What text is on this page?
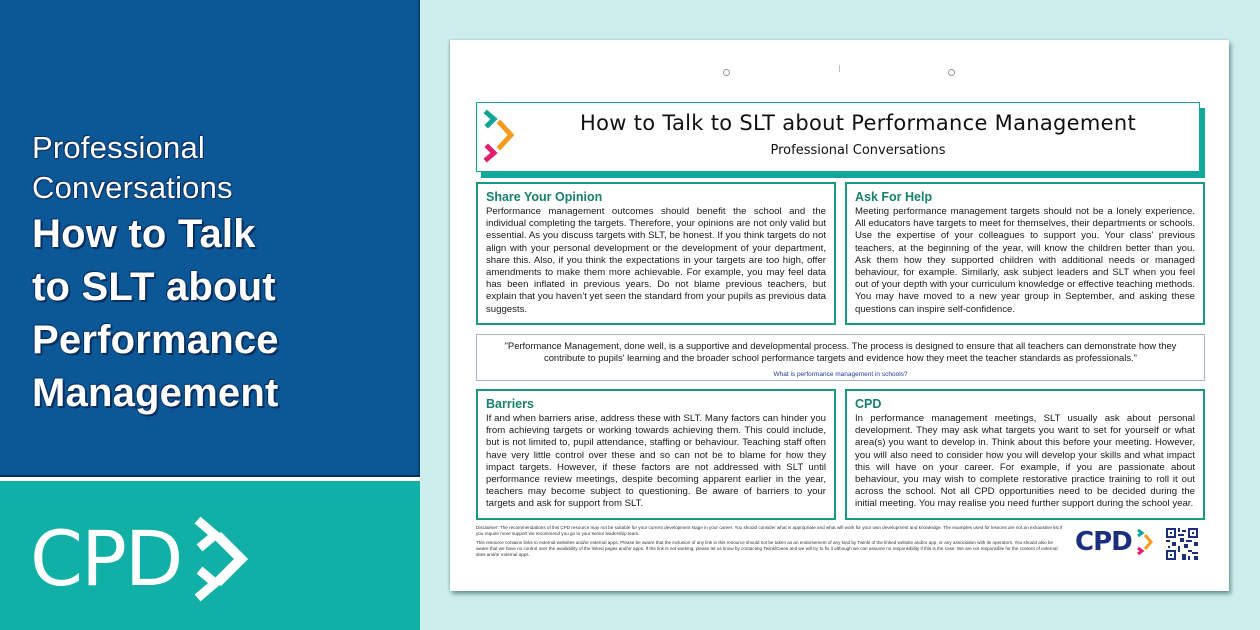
Professional
Conversations
How to Talk
to SLT about
Performance
Management
CPD
How to Talk to SLT about Performance Management
Professional Conversations
Share Your Opinion
Performance management outcomes should benefit the school and the individual completing the targets. Therefore, your opinions are not only valid but essential. As you discuss targets with SLT, be honest. If you think targets do not align with your personal development or the development of your department, share this. Also, if you think the expectations in your targets are too high, offer amendments to make them more achievable. For example, you may feel data has been inflated in previous years. Do not blame previous teachers, but explain that you haven’t yet seen the standard from your pupils as previous data suggests.
Ask For Help
Meeting performance management targets should not be a lonely experience. All educators have targets to meet for themselves, their departments or schools. Use the expertise of your colleagues to support you. Your class’ previous teachers, at the beginning of the year, will know the children better than you. Ask them how they supported children with additional needs or managed behaviour, for example. Similarly, ask subject leaders and SLT when you feel out of your depth with your curriculum knowledge or effective teaching methods. You may have moved to a new year group in September, and asking these questions can inspire self-confidence.
"Performance Management, done well, is a supportive and developmental process. The process is designed to ensure that all teachers can demonstrate how they contribute to pupils' learning and the broader school performance targets and evidence how they meet the teacher standards as professionals."
What is performance management in schools?
Barriers
If and when barriers arise, address these with SLT. Many factors can hinder you from achieving targets or working towards achieving them. This could include, but is not limited to, pupil attendance, staffing or behaviour. Teaching staff often have very little control over these and so can not be to blame for how they impact targets. However, if these factors are not addressed with SLT until performance review meetings, despite becoming apparent earlier in the year, teachers may become subject to questioning. Be aware of barriers to your targets and ask for support from SLT.
CPD
In performance management meetings, SLT usually ask about personal development. They may ask what targets you want to set for yourself or what area(s) you want to develop in. Think about this before your meeting. However, you will also need to consider how you will develop your skills and what impact this will have on your career. For example, if you are passionate about behaviour, you may wish to complete restorative practice training to roll it out across the school. Not all CPD opportunities need to be decided during the initial meeting. You may realise you need further support during the school year.

Disclaimer: The recommendations of this CPD resource may not be suitable for your current development stage in your career. You should consider what is appropriate and what will work for your own development and knowledge. The examples used for lessons are not an exhaustive list if you require more support we recommend you go to your senior leadership team.

This resource contains links to external websites and/or external apps. Please be aware that the inclusion of any link in this resource should not be taken as an endorsement of any kind by Twinkl of the linked website and/or app, or any association with its operators. You should also be aware that we have no control over the availability of the linked pages and/or apps. If the link is not working, please let us know by contacting TwinklCares and we will try to fix it although we can assume no responsibility if this is the case. We are not responsible for the content of external sites and/or external apps.	CPD
